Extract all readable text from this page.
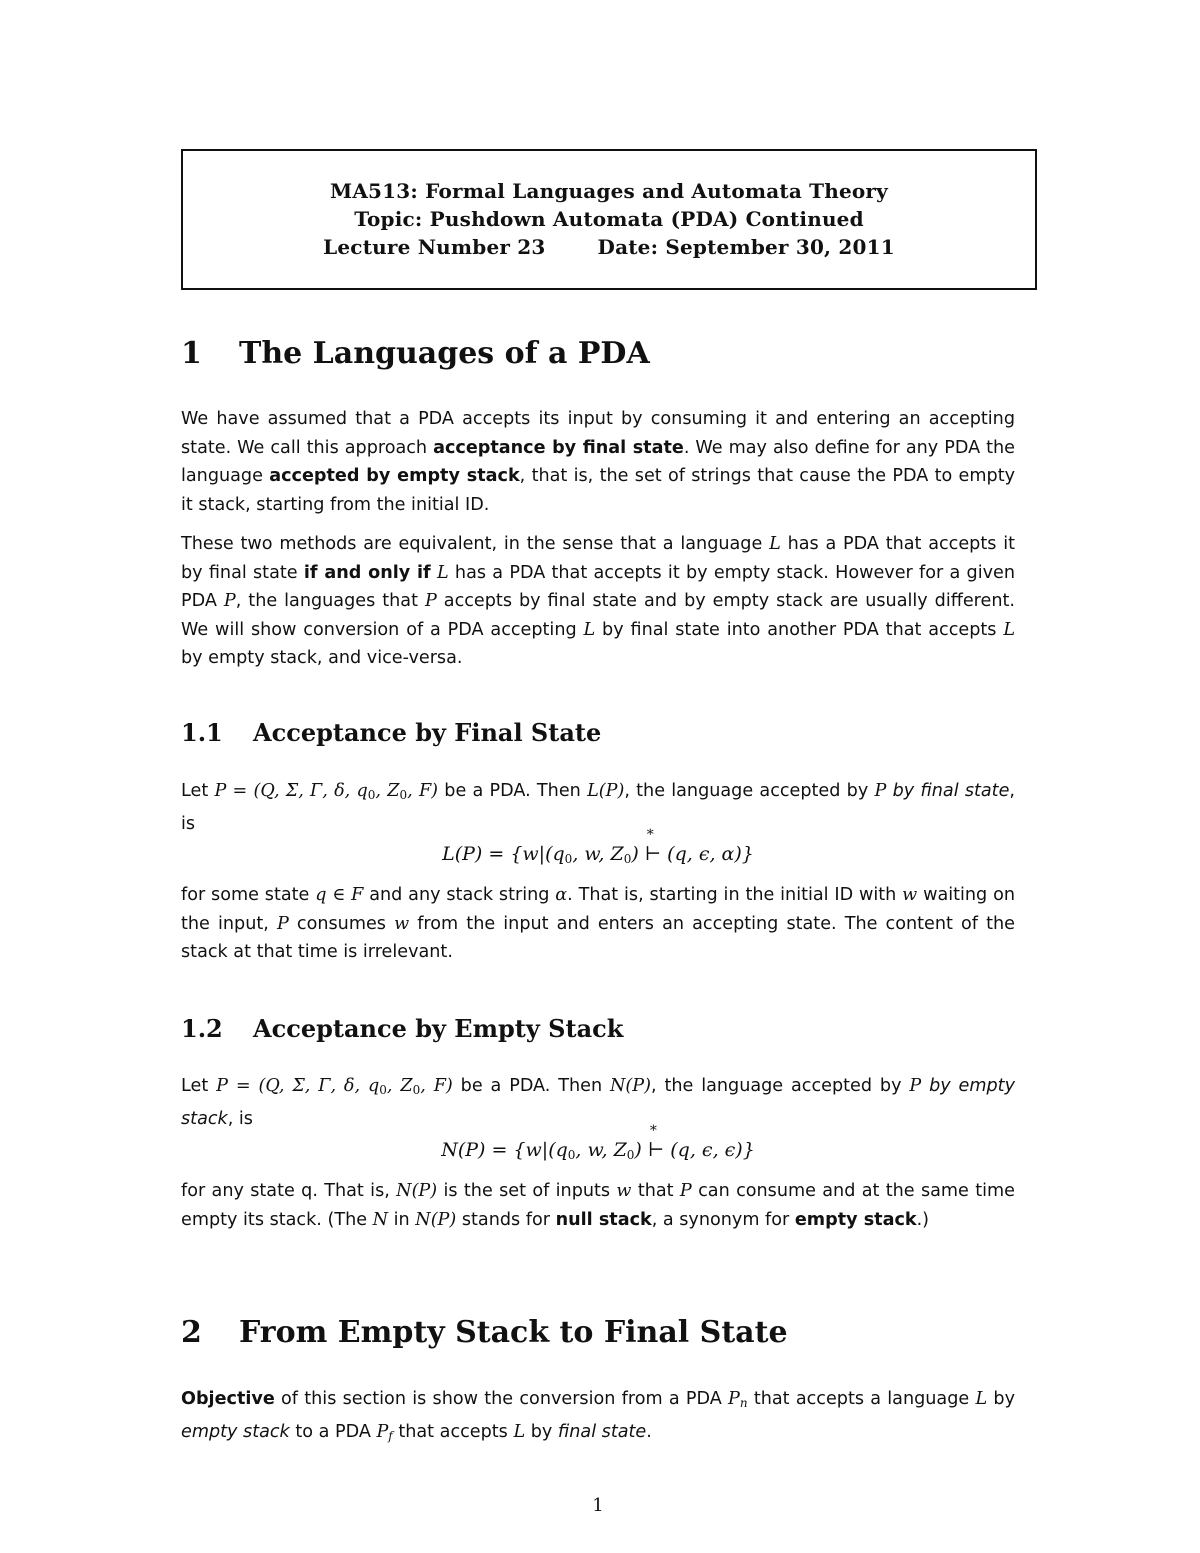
MA513: Formal Languages and Automata Theory
Topic: Pushdown Automata (PDA) Continued
Lecture Number 23	Date: September 30, 2011
1 The Languages of a PDA
We have assumed that a PDA accepts its input by consuming it and entering an accepting state. We call this approach acceptance by final state. We may also define for any PDA the language accepted by empty stack, that is, the set of strings that cause the PDA to empty it stack, starting from the initial ID.
These two methods are equivalent, in the sense that a language L has a PDA that accepts it by final state if and only if L has a PDA that accepts it by empty stack. However for a given PDA P, the languages that P accepts by final state and by empty stack are usually different. We will show conversion of a PDA accepting L by final state into another PDA that accepts L by empty stack, and vice-versa.
1.1 Acceptance by Final State
Let P = (Q, Σ, Γ, δ, $q_0$, $Z_0$, F) be a PDA. Then L(P), the language accepted by P by final state, is
$L(P) = \{w|(q_0$, w, $Z_0$)
*
⊢ (q, ϵ, α)}
for some state q ∈ F and any stack string α. That is, starting in the initial ID with w waiting on the input, P consumes w from the input and enters an accepting state. The content of the stack at that time is irrelevant.
1.2 Acceptance by Empty Stack
Let P = (Q, Σ, Γ, δ, $q_0$, $Z_0$, F) be a PDA. Then N(P), the language accepted by P by empty stack, is
$N(P) = \{w|(q_0$, w, $Z_0$)
*
⊢ (q, ϵ, ϵ)}
for any state q. That is, N(P) is the set of inputs w that P can consume and at the same time empty its stack. (The N in N(P) stands for null stack, a synonym for empty stack.)
2 From Empty Stack to Final State
Objective of this section is show the conversion from a PDA $P_n$ that accepts a language L by empty stack to a PDA $P_f$ that accepts L by final state.
1
